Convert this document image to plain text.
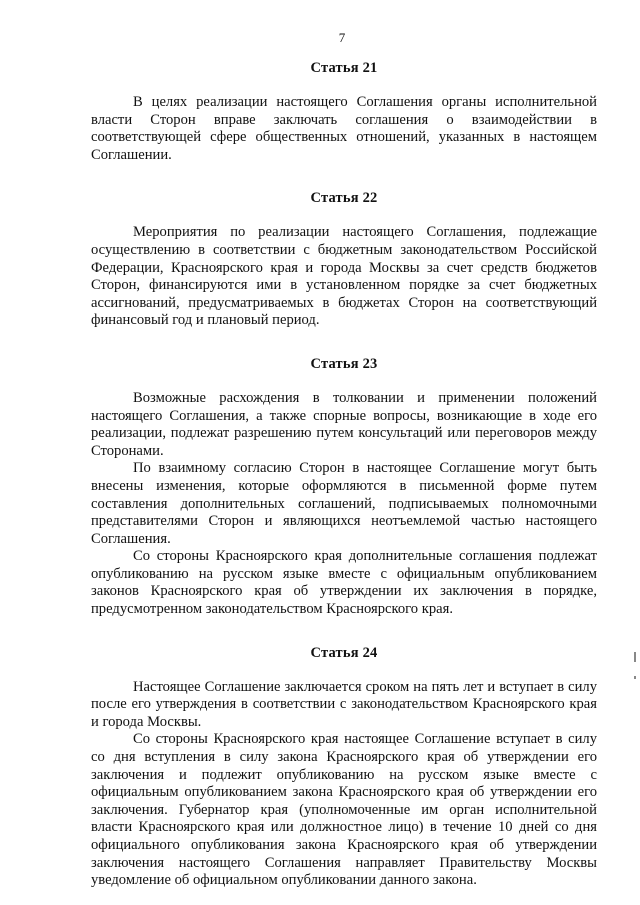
7
Статья 21

В целях реализации настоящего Соглашения органы исполнительной власти Сторон вправе заключать соглашения о взаимодействии в соответствующей сфере общественных отношений, указанных в настоящем Соглашении.

Статья 22

Мероприятия по реализации настоящего Соглашения, подлежащие осуществлению в соответствии с бюджетным законодательством Российской Федерации, Красноярского края и города Москвы за счет средств бюджетов Сторон, финансируются ими в установленном порядке за счет бюджетных ассигнований, предусматриваемых в бюджетах Сторон на соответствующий финансовый год и плановый период.

Статья 23

Возможные расхождения в толковании и применении положений настоящего Соглашения, а также спорные вопросы, возникающие в ходе его реализации, подлежат разрешению путем консультаций или переговоров между Сторонами.

По взаимному согласию Сторон в настоящее Соглашение могут быть внесены изменения, которые оформляются в письменной форме путем составления дополнительных соглашений, подписываемых полномочными представителями Сторон и являющихся неотъемлемой частью настоящего Соглашения.

Со стороны Красноярского края дополнительные соглашения подлежат опубликованию на русском языке вместе с официальным опубликованием законов Красноярского края об утверждении их заключения в порядке, предусмотренном законодательством Красноярского края.

Статья 24

Настоящее Соглашение заключается сроком на пять лет и вступает в силу после его утверждения в соответствии с законодательством Красноярского края и города Москвы.

Со стороны Красноярского края настоящее Соглашение вступает в силу со дня вступления в силу закона Красноярского края об утверждении его заключения и подлежит опубликованию на русском языке вместе с официальным опубликованием закона Красноярского края об утверждении его заключения. Губернатор края (уполномоченные им орган исполнительной власти Красноярского края или должностное лицо) в течение 10 дней со дня официального опубликования закона Красноярского края об утверждении заключения настоящего Соглашения направляет Правительству Москвы уведомление об официальном опубликовании данного закона.
